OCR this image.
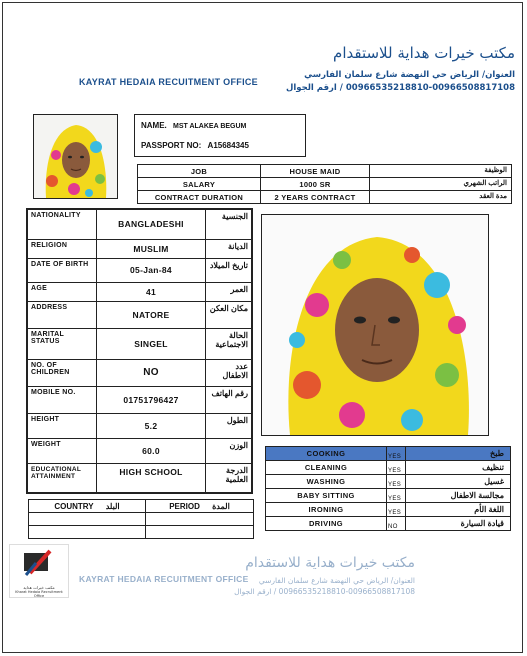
مكتب خيرات هداية للاستقدام
العنوان/ الرياض حي النهضة شارع سلمان الفارسي
00966535218810-00966508817108 / ارقم الجوال
KAYRAT HEDAIA RECUITMENT OFFICE
NAME. MST ALAKEA BEGUM
PASSPORT NO: A15684345
JOB	HOUSE MAID	الوظيفة
SALARY	1000 SR	الراتب الشهري
CONTRACT DURATION	2 YEARS CONTRACT	مدة العقد
NATIONALITY	BANGLADESHI	الجنسية
RELIGION	MUSLIM	الديانة
DATE OF BIRTH	05-Jan-84	تاريخ الميلاد
AGE	41	العمر
ADDRESS	NATORE	مكان العكن
MARITAL STATUS	SINGEL	الحالة الاجتماعية
NO. OF CHILDREN	NO	عدد الاطفال
MOBILE NO.	01751796427	رقم الهاتف
HEIGHT	5.2	الطول
WEIGHT	60.0	الوزن
EDUCATIONAL ATTAINMENT	HIGH SCHOOL	الدرجة العلمية
COOKING	YES	طبخ
CLEANING	YES	تنظيف
WASHING	YES	غسيل
BABY SITTING	YES	مجالسة الاطفال
IRONING	YES	اللغة الأم
DRIVING	NO	قيادة السيارة
COUNTRY البلد	PERIOD المدة

مكتب خيرات هداية
Kharat Hedaia Recruitment Office
KAYRAT HEDAIA RECUITMENT OFFICE
مكتب خيرات هداية للاستقدام
العنوان/ الرياض حي النهضة شارع سلمان الفارسي
00966535218810-00966508817108 / ارقم الجوال
